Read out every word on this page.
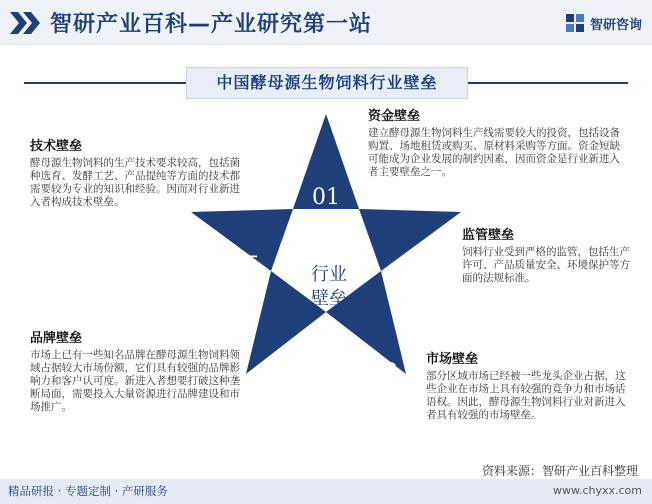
智研产业百科—产业研究第一站	智研咨询
中国酵母源生物饲料行业壁垒
01
02
03
04
05	行业
壁垒
资金壁垒
建立酵母源生物饲料生产线需要较大的投资，包括设备购置、场地租赁或购买、原材料采购等方面。资金短缺可能成为企业发展的制约因素，因而资金是行业新进入者主要壁垒之一。
技术壁垒
酵母源生物饲料的生产技术要求较高，包括菌种选育、发酵工艺、产品提纯等方面的技术都需要较为专业的知识和经验。因而对行业新进入者构成技术壁垒。
监管壁垒
饲料行业受到严格的监管，包括生产许可、产品质量安全、环境保护等方面的法规标准。
品牌壁垒
市场上已有一些知名品牌在酵母源生物饲料领域占据较大市场份额，它们具有较强的品牌影响力和客户认可度。新进入者想要打破这种垄断局面，需要投入大量资源进行品牌建设和市场推广。
市场壁垒
部分区域市场已经被一些龙头企业占据，这些企业在市场上具有较强的竞争力和市场话语权。因此，酵母源生物饲料行业对新进入者具有较强的市场壁垒。
资料来源：智研产业百科整理
精品研报 · 专题定制 · 产研服务	www.chyxx.com
